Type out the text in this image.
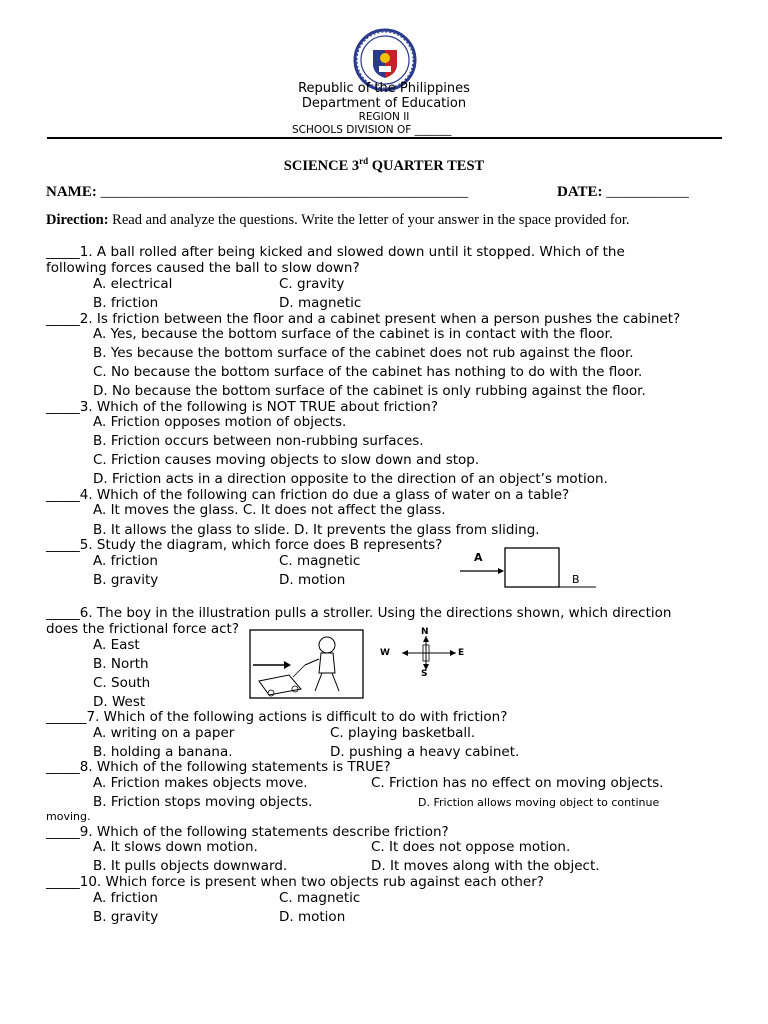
Republic of the Philippines
Department of Education
REGION II
SCHOOLS DIVISION OF _______
SCIENCE 3rd QUARTER TEST
NAME: _________________________________________________	DATE: ___________
Direction: Read and analyze the questions. Write the letter of your answer in the space provided for.
_____1. A ball rolled after being kicked and slowed down until it stopped. Which of the
following forces caused the ball to slow down?
A. electrical	C. gravity
B. friction	D. magnetic
_____2. Is friction between the floor and a cabinet present when a person pushes the cabinet?
A. Yes, because the bottom surface of the cabinet is in contact with the floor.
B. Yes because the bottom surface of the cabinet does not rub against the floor.
C. No because the bottom surface of the cabinet has nothing to do with the floor.
D. No because the bottom surface of the cabinet is only rubbing against the floor.
_____3. Which of the following is NOT TRUE about friction?
A. Friction opposes motion of objects.
B. Friction occurs between non-rubbing surfaces.
C. Friction causes moving objects to slow down and stop.
D. Friction acts in a direction opposite to the direction of an object’s motion.
_____4. Which of the following can friction do due a glass of water on a table?
A. It moves the glass. C. It does not affect the glass.
B. It allows the glass to slide. D. It prevents the glass from sliding.
_____5. Study the diagram, which force does B represents?
A. friction	C. magnetic
B. gravity	D. motion
A
B
_____6. The boy in the illustration pulls a stroller. Using the directions shown, which direction
does the frictional force act?
A. East
B. North
C. South
D. West
N
S
E
W
______7. Which of the following actions is difficult to do with friction?
A. writing on a paper	C. playing basketball.
B. holding a banana.	D. pushing a heavy cabinet.
_____8. Which of the following statements is TRUE?
A. Friction makes objects move.	C. Friction has no effect on moving objects.
B. Friction stops moving objects.	D. Friction allows moving object to continue
moving.
_____9. Which of the following statements describe friction?
A. It slows down motion.	C. It does not oppose motion.
B. It pulls objects downward.	D. It moves along with the object.
_____10. Which force is present when two objects rub against each other?
A. friction	C. magnetic
B. gravity	D. motion
